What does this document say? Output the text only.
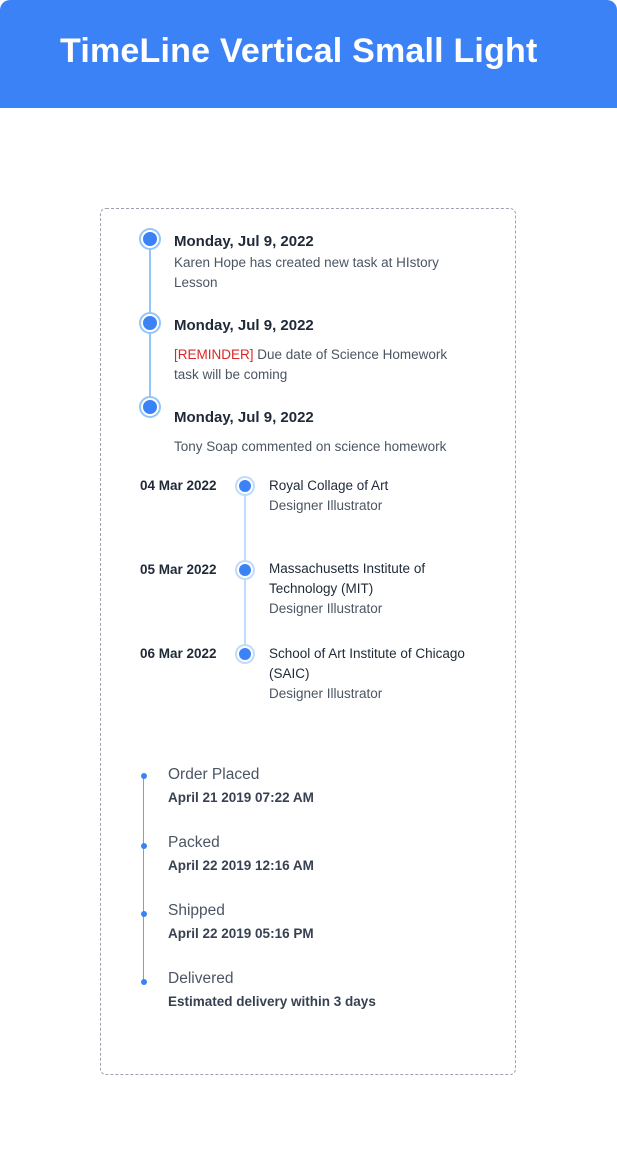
TimeLine Vertical Small Light
Monday, Jul 9, 2022
Karen Hope has created new task at HIstory Lesson
Monday, Jul 9, 2022
[REMINDER] Due date of Science Homework task will be coming
Monday, Jul 9, 2022
Tony Soap commented on science homework
04 Mar 2022	Royal Collage of Art
Designer Illustrator
05 Mar 2022	Massachusetts Institute of Technology (MIT)
Designer Illustrator
06 Mar 2022	School of Art Institute of Chicago (SAIC)
Designer Illustrator
Order Placed
April 21 2019 07:22 AM
Packed
April 22 2019 12:16 AM
Shipped
April 22 2019 05:16 PM
Delivered
Estimated delivery within 3 days
